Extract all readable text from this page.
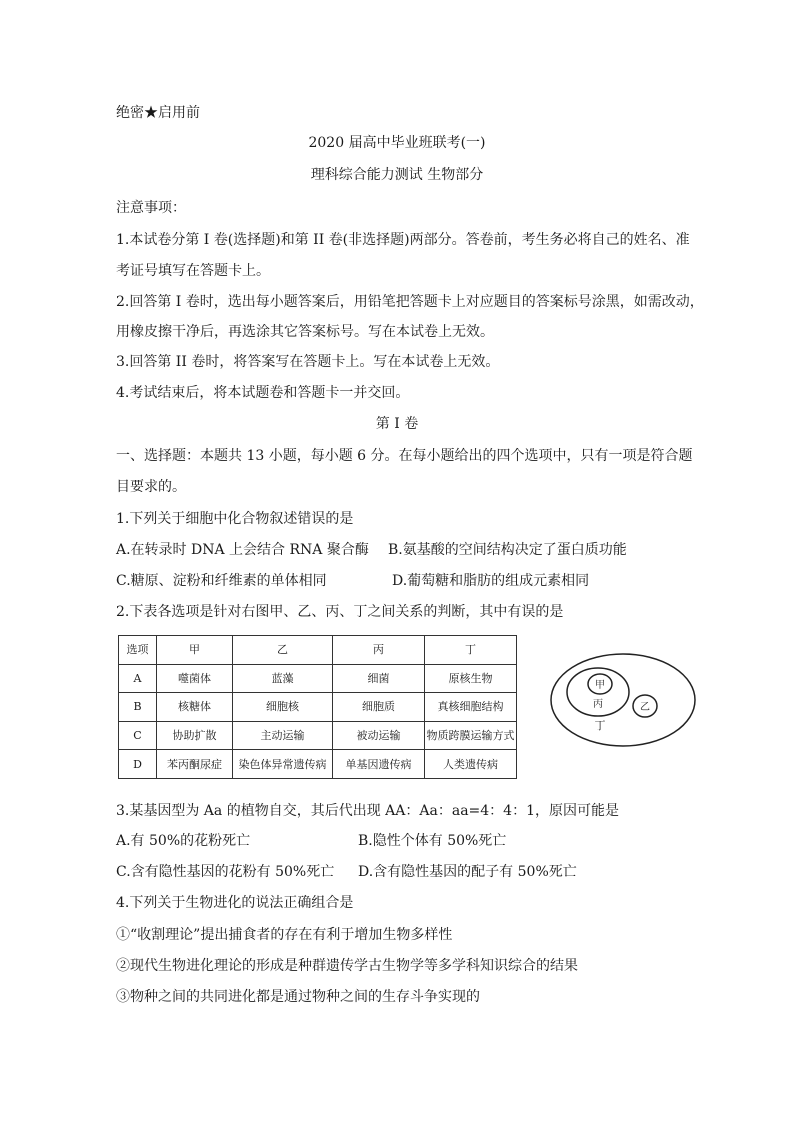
绝密★启用前
2020 届高中毕业班联考(一)
理科综合能力测试 生物部分
注意事项：
1.本试卷分第 I 卷(选择题)和第 II 卷(非选择题)两部分。答卷前，考生务必将自己的姓名、准
考证号填写在答题卡上。
2.回答第 I 卷时，选出每小题答案后，用铅笔把答题卡上对应题目的答案标号涂黑，如需改动，
用橡皮擦干净后，再选涂其它答案标号。写在本试卷上无效。
3.回答第 II 卷时，将答案写在答题卡上。写在本试卷上无效。
4.考试结束后，将本试题卷和答题卡一并交回。
第 I 卷
一、选择题：本题共 13 小题，每小题 6 分。在每小题给出的四个选项中，只有一项是符合题
目要求的。
1.下列关于细胞中化合物叙述错误的是
A.在转录时 DNA 上会结合 RNA 聚合酶 B.氨基酸的空间结构决定了蛋白质功能
C.糖原、淀粉和纤维素的单体相同	D.葡萄糖和脂肪的组成元素相同
2.下表各选项是针对右图甲、乙、丙、丁之间关系的判断，其中有误的是
选项	甲	乙	丙	丁
A	噬菌体	蓝藻	细菌	原核生物
B	核糖体	细胞核	细胞质	真核细胞结构
C	协助扩散	主动运输	被动运输	物质跨膜运输方式
D	苯丙酮尿症	染色体异常遗传病	单基因遗传病	人类遗传病
甲
丙	乙
丁
3.某基因型为 Aa 的植物自交，其后代出现 AA：Aa：aa=4：4：1，原因可能是
A.有 50%的花粉死亡	B.隐性个体有 50%死亡
C.含有隐性基因的花粉有 50%死亡 D.含有隐性基因的配子有 50%死亡
4.下列关于生物进化的说法正确组合是
①“收割理论”提出捕食者的存在有利于增加生物多样性
②现代生物进化理论的形成是种群遗传学古生物学等多学科知识综合的结果
③物种之间的共同进化都是通过物种之间的生存斗争实现的
